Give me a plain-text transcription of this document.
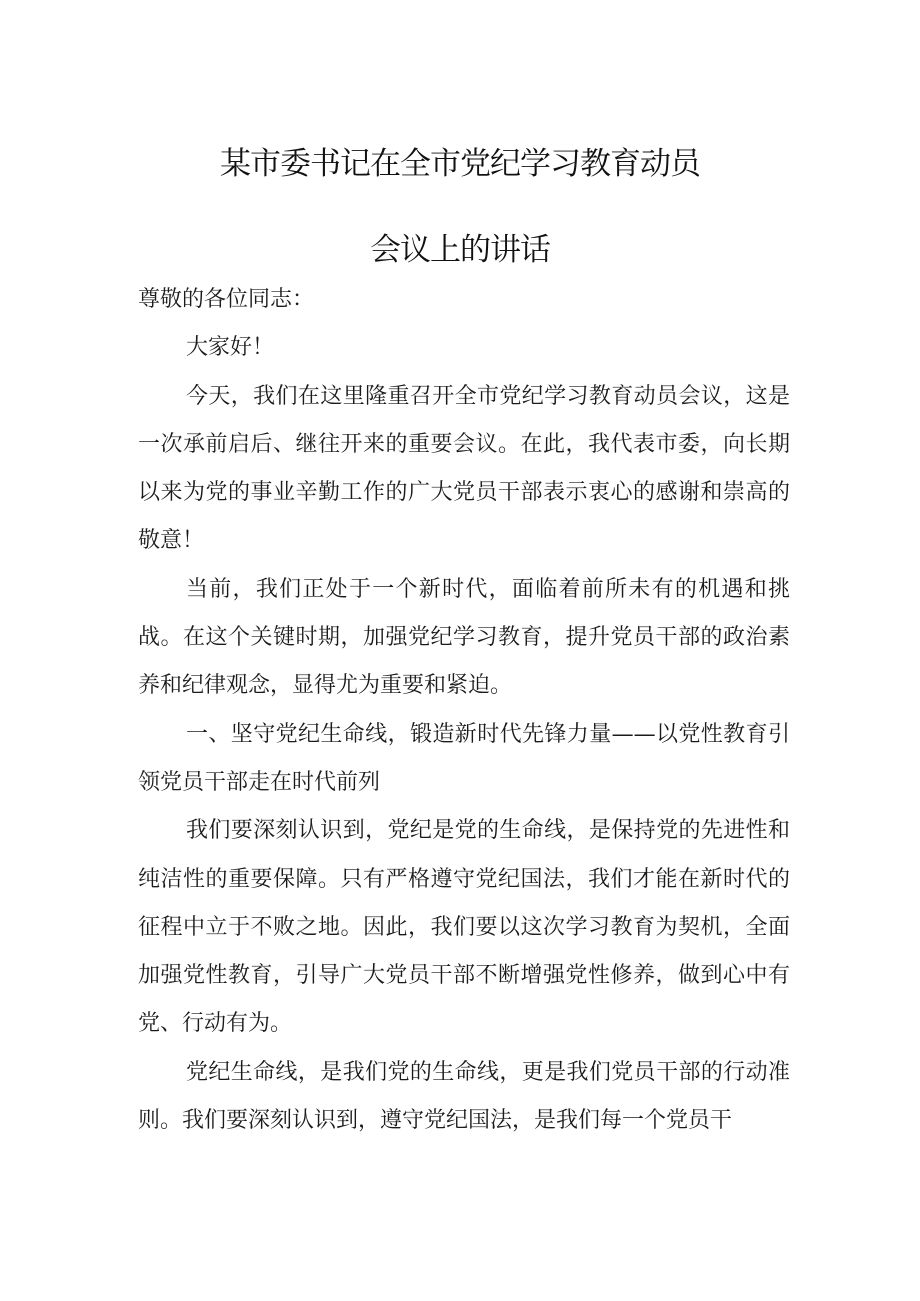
某市委书记在全市党纪学习教育动员
会议上的讲话

尊敬的各位同志：

大家好！

今天，我们在这里隆重召开全市党纪学习教育动员会议，这是一次承前启后、继往开来的重要会议。在此，我代表市委，向长期以来为党的事业辛勤工作的广大党员干部表示衷心的感谢和崇高的敬意！

当前，我们正处于一个新时代，面临着前所未有的机遇和挑战。在这个关键时期，加强党纪学习教育，提升党员干部的政治素养和纪律观念，显得尤为重要和紧迫。

一、坚守党纪生命线，锻造新时代先锋力量——以党性教育引领党员干部走在时代前列

我们要深刻认识到，党纪是党的生命线，是保持党的先进性和纯洁性的重要保障。只有严格遵守党纪国法，我们才能在新时代的征程中立于不败之地。因此，我们要以这次学习教育为契机，全面加强党性教育，引导广大党员干部不断增强党性修养，做到心中有党、行动有为。

党纪生命线，是我们党的生命线，更是我们党员干部的行动准则。我们要深刻认识到，遵守党纪国法，是我们每一个党员干
